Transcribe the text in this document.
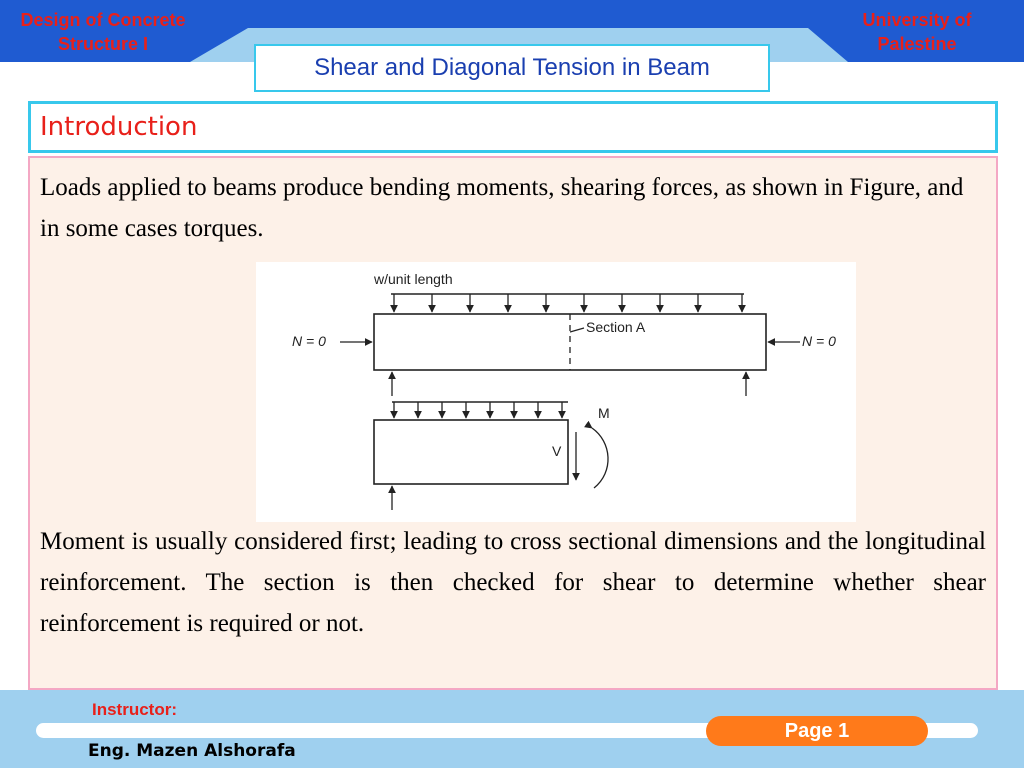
Design of Concrete
Structure I
University of
Palestine
Shear and Diagonal Tension in Beam
Introduction
Loads applied to beams produce bending moments, shearing forces, as shown in Figure, and in some cases torques.
w/unit length
Section A
N = 0	N = 0
V
M
Moment is usually considered first; leading to cross sectional dimensions and the longitudinal reinforcement. The section is then checked for shear to determine whether shear reinforcement is required or not.
Instructor:
Eng. Mazen Alshorafa
Page 1
